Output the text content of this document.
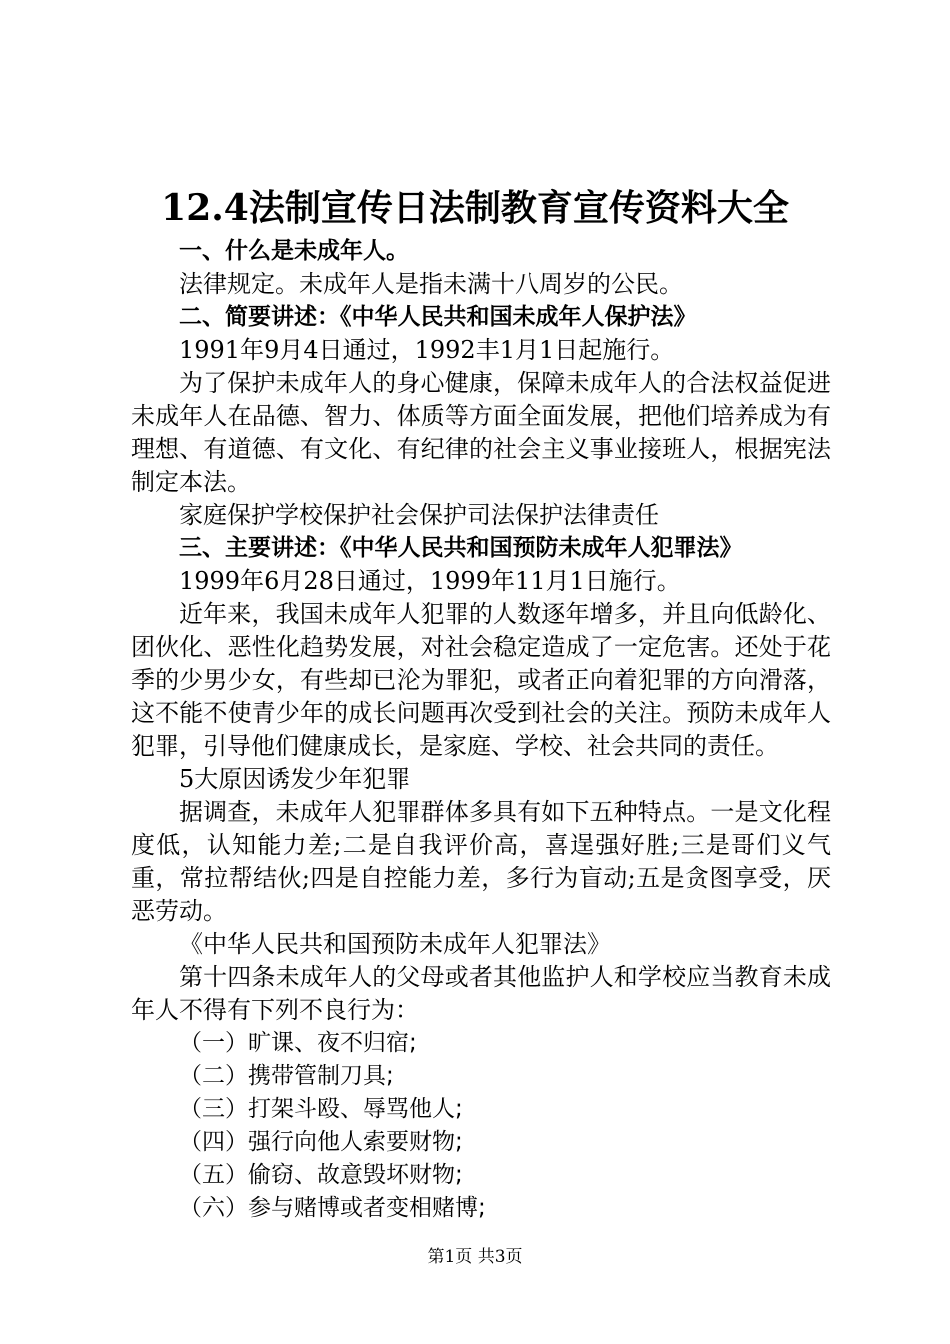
12.4法制宣传日法制教育宣传资料大全

一、什么是未成年人。

法律规定。未成年人是指未满十八周岁的公民。

二、简要讲述：《中华人民共和国未成年人保护法》

1991年9月4日通过，1992丰1月1日起施行。

为了保护未成年人的身心健康，保障未成年人的合法权益促进未成年人在品德、智力、体质等方面全面发展，把他们培养成为有理想、有道德、有文化、有纪律的社会主义事业接班人，根据宪法制定本法。

家庭保护学校保护社会保护司法保护法律责任

三、主要讲述：《中华人民共和国预防未成年人犯罪法》

1999年6月28日通过，1999年11月1日施行。

近年来，我国未成年人犯罪的人数逐年增多，并且向低龄化、团伙化、恶性化趋势发展，对社会稳定造成了一定危害。还处于花季的少男少女，有些却已沦为罪犯，或者正向着犯罪的方向滑落，这不能不使青少年的成长问题再次受到社会的关注。预防未成年人犯罪，引导他们健康成长，是家庭、学校、社会共同的责任。

5大原因诱发少年犯罪

据调查，未成年人犯罪群体多具有如下五种特点。一是文化程度低，认知能力差;二是自我评价高，喜逞强好胜;三是哥们义气重，常拉帮结伙;四是自控能力差，多行为盲动;五是贪图享受，厌恶劳动。

《中华人民共和国预防未成年人犯罪法》

第十四条未成年人的父母或者其他监护人和学校应当教育未成年人不得有下列不良行为：

（一）旷课、夜不归宿;

（二）携带管制刀具;

（三）打架斗殴、辱骂他人;

（四）强行向他人索要财物;

（五）偷窃、故意毁坏财物;

（六）参与赌博或者变相赌博;

第1页 共3页
